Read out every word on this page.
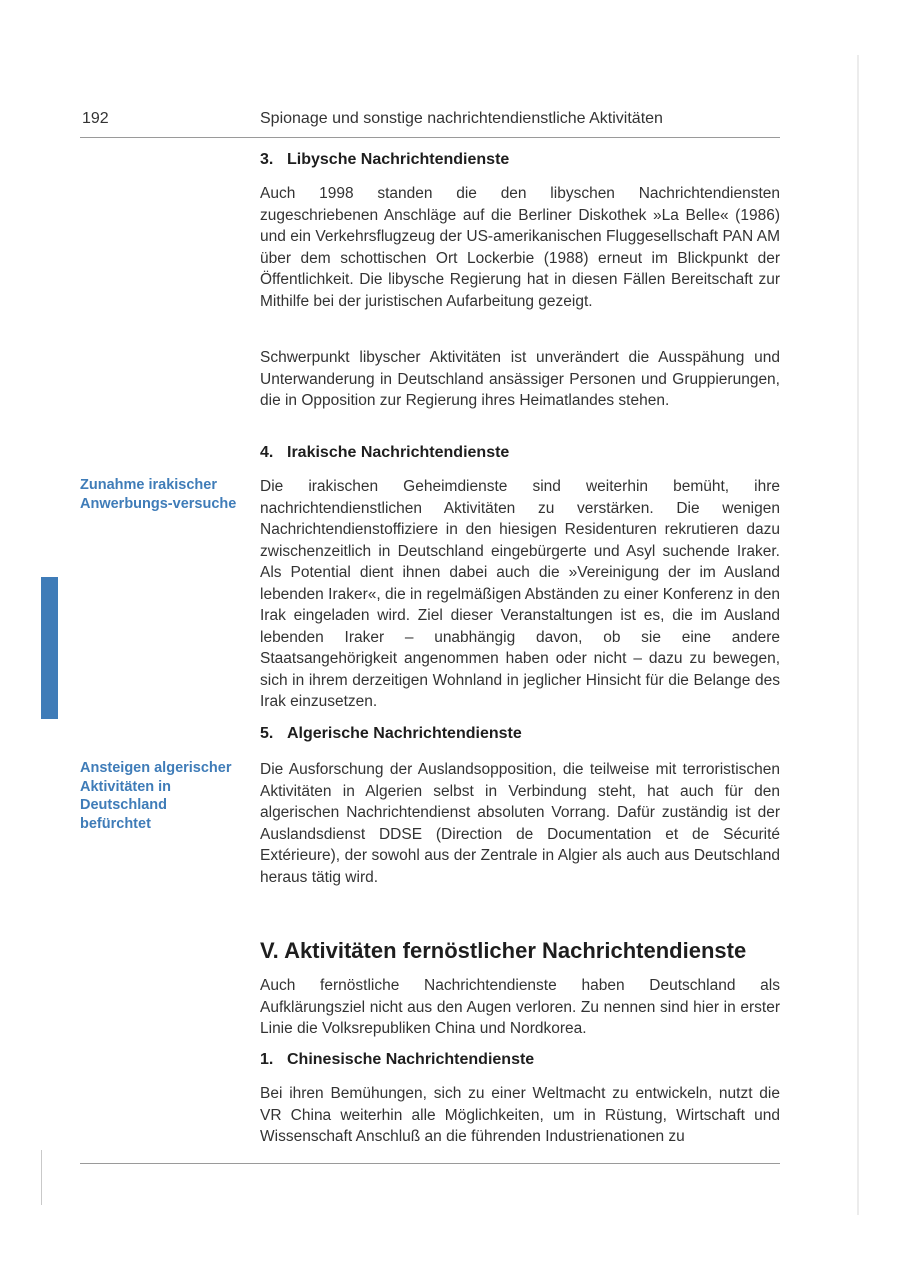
192	Spionage und sonstige nachrichtendienstliche Aktivitäten
Zunahme irakischer Anwerbungs-versuche
Ansteigen algerischer Aktivitäten in Deutschland befürchtet
3. Libysche Nachrichtendienste
Auch 1998 standen die den libyschen Nachrichtendiensten zugeschriebenen Anschläge auf die Berliner Diskothek »La Belle« (1986) und ein Verkehrsflugzeug der US-amerikanischen Fluggesellschaft PAN AM über dem schottischen Ort Lockerbie (1988) erneut im Blickpunkt der Öffentlichkeit. Die libysche Regierung hat in diesen Fällen Bereitschaft zur Mithilfe bei der juristischen Aufarbeitung gezeigt.
Schwerpunkt libyscher Aktivitäten ist unverändert die Ausspähung und Unterwanderung in Deutschland ansässiger Personen und Gruppierungen, die in Opposition zur Regierung ihres Heimatlandes stehen.
4. Irakische Nachrichtendienste
Die irakischen Geheimdienste sind weiterhin bemüht, ihre nachrichtendienstlichen Aktivitäten zu verstärken. Die wenigen Nachrichtendienstoffiziere in den hiesigen Residenturen rekrutieren dazu zwischenzeitlich in Deutschland eingebürgerte und Asyl suchende Iraker. Als Potential dient ihnen dabei auch die »Vereinigung der im Ausland lebenden Iraker«, die in regelmäßigen Abständen zu einer Konferenz in den Irak eingeladen wird. Ziel dieser Veranstaltungen ist es, die im Ausland lebenden Iraker – unabhängig davon, ob sie eine andere Staatsangehörigkeit angenommen haben oder nicht – dazu zu bewegen, sich in ihrem derzeitigen Wohnland in jeglicher Hinsicht für die Belange des Irak einzusetzen.
5. Algerische Nachrichtendienste
Die Ausforschung der Auslandsopposition, die teilweise mit terroristischen Aktivitäten in Algerien selbst in Verbindung steht, hat auch für den algerischen Nachrichtendienst absoluten Vorrang. Dafür zuständig ist der Auslandsdienst DDSE (Direction de Documentation et de Sécurité Extérieure), der sowohl aus der Zentrale in Algier als auch aus Deutschland heraus tätig wird.
V. Aktivitäten fernöstlicher Nachrichtendienste
Auch fernöstliche Nachrichtendienste haben Deutschland als Aufklärungsziel nicht aus den Augen verloren. Zu nennen sind hier in erster Linie die Volksrepubliken China und Nordkorea.
1. Chinesische Nachrichtendienste
Bei ihren Bemühungen, sich zu einer Weltmacht zu entwickeln, nutzt die VR China weiterhin alle Möglichkeiten, um in Rüstung, Wirtschaft und Wissenschaft Anschluß an die führenden Industrienationen zu
